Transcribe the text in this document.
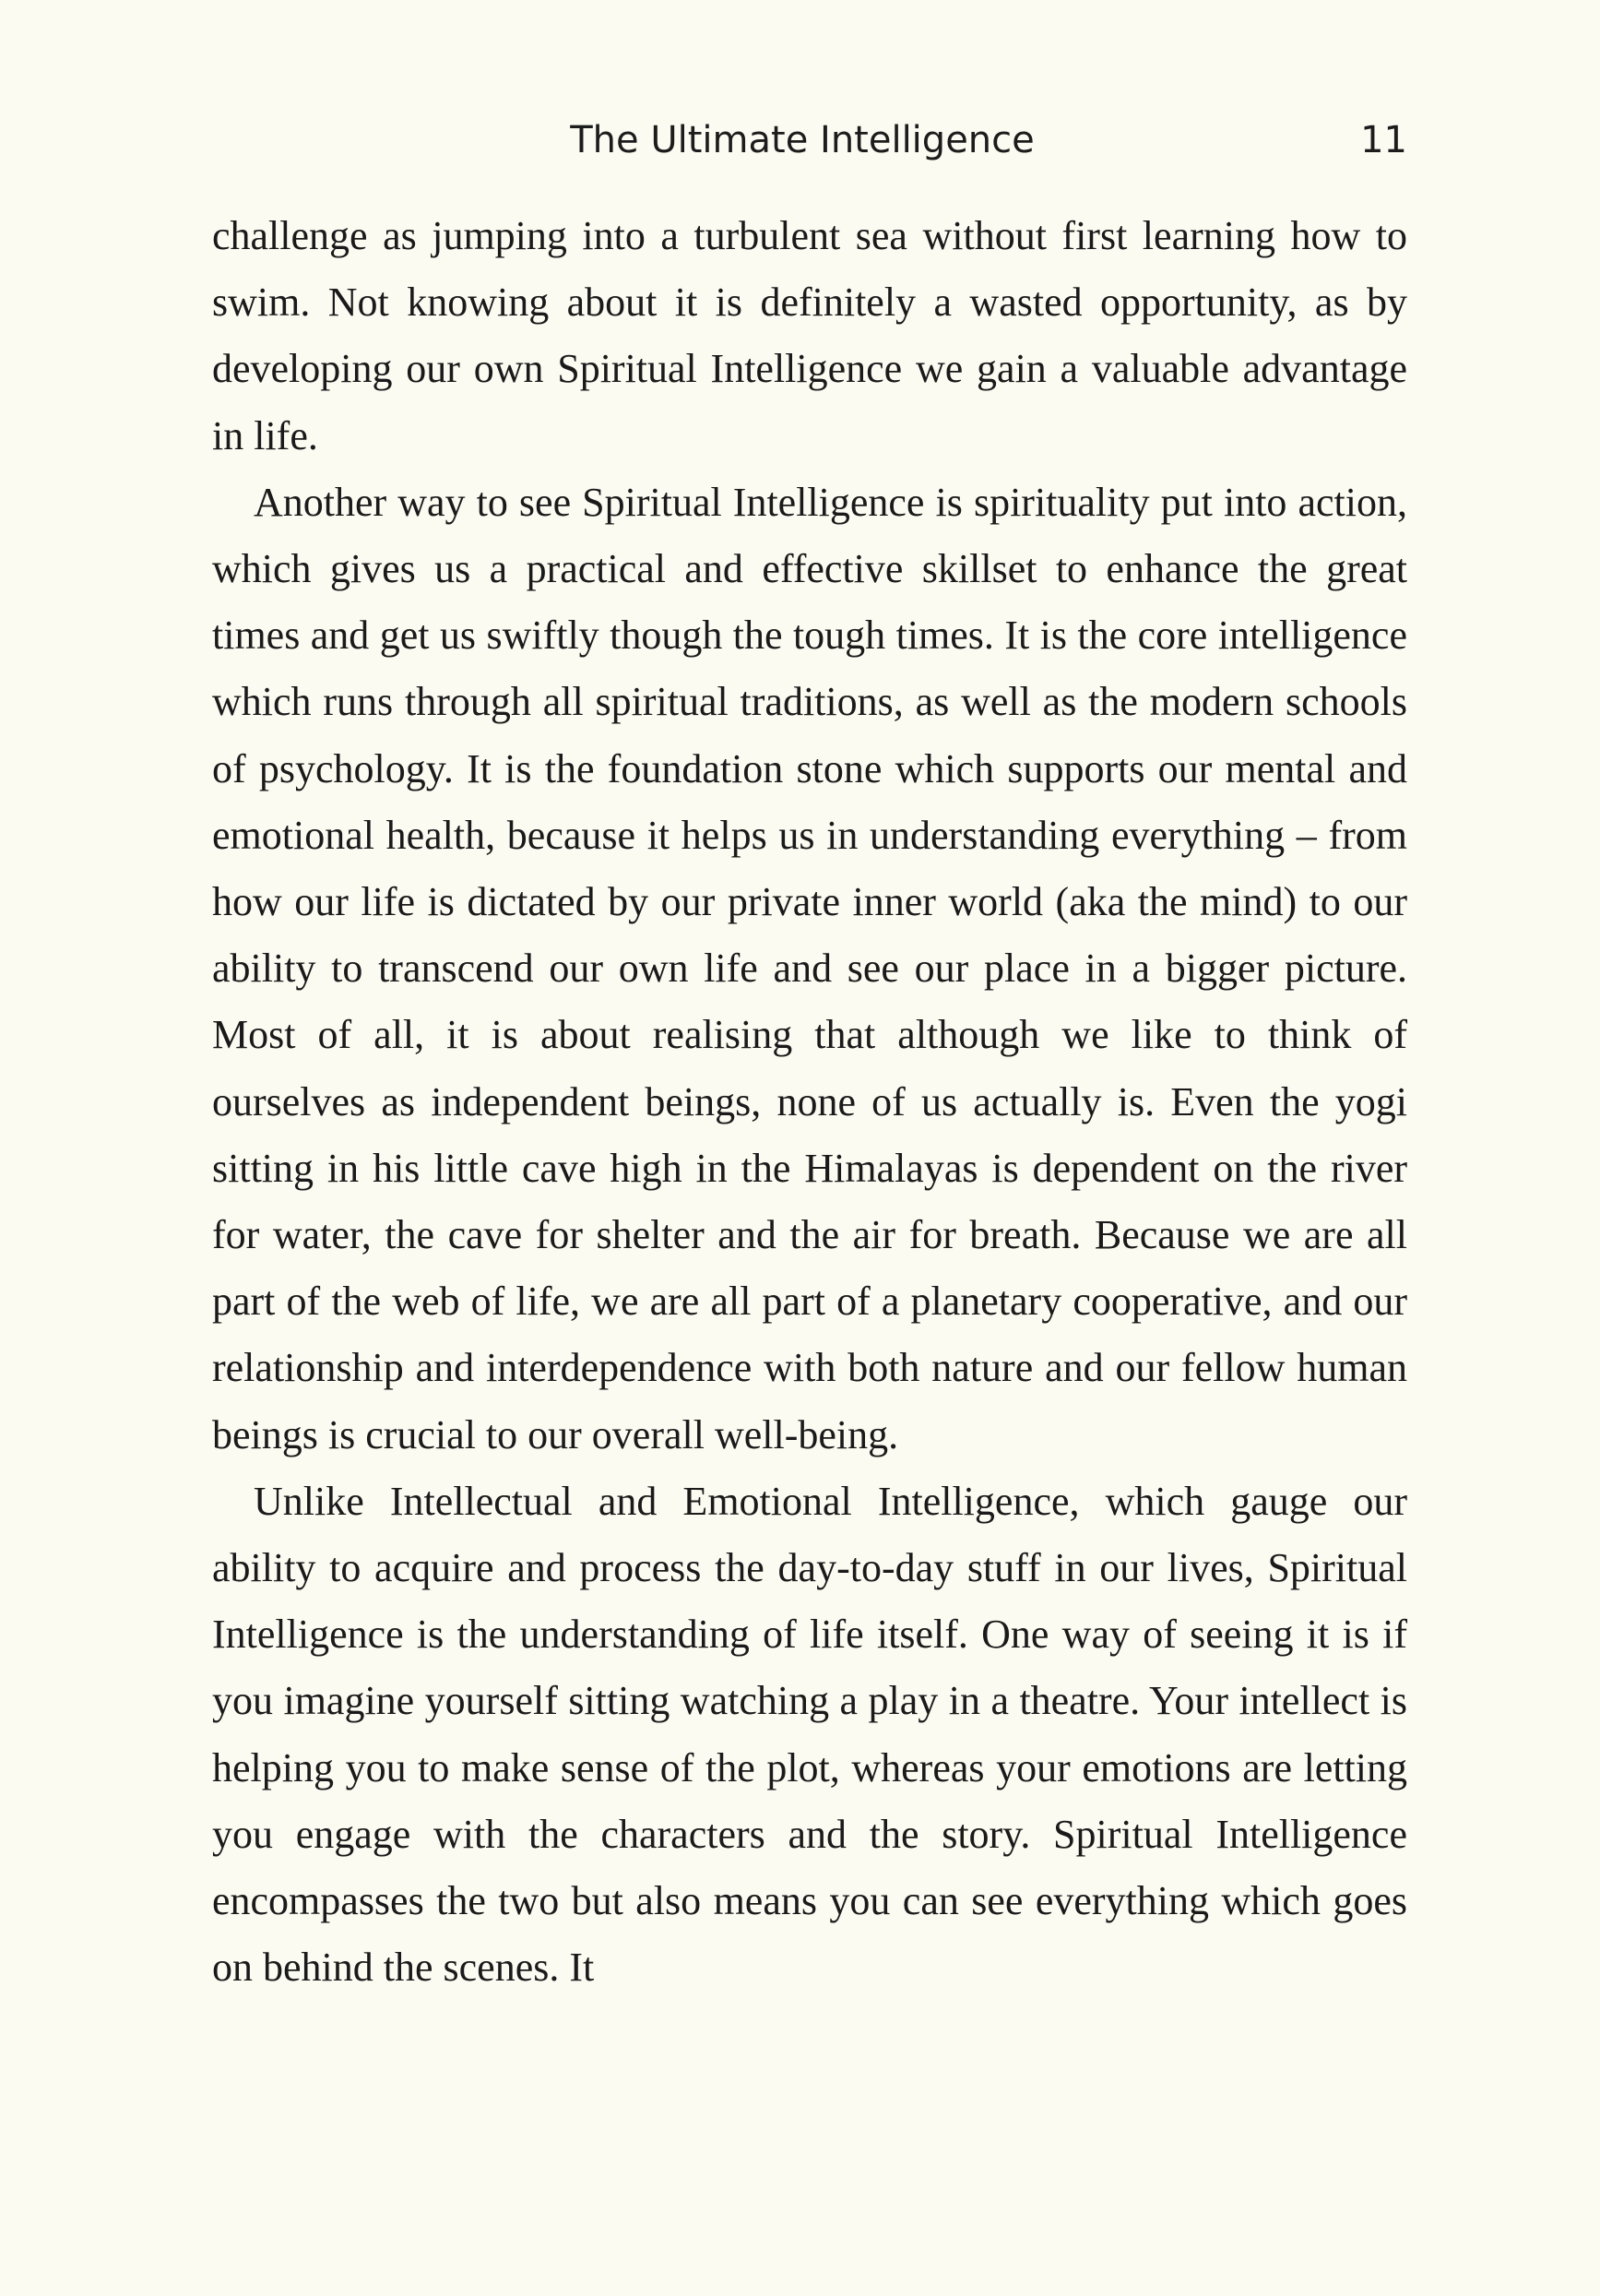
The Ultimate Intelligence	11

challenge as jumping into a turbulent sea without first learning how to swim. Not knowing about it is definitely a wasted opportunity, as by developing our own Spiritual Intelligence we gain a valuable advantage in life.

Another way to see Spiritual Intelligence is spirituality put into action, which gives us a practical and effective skillset to enhance the great times and get us swiftly though the tough times. It is the core intelligence which runs through all spiritual traditions, as well as the modern schools of psychology. It is the foundation stone which supports our mental and emotional health, because it helps us in understanding everything – from how our life is dictated by our private inner world (aka the mind) to our ability to transcend our own life and see our place in a bigger picture. Most of all, it is about realising that although we like to think of ourselves as independent beings, none of us actually is. Even the yogi sitting in his little cave high in the Himalayas is dependent on the river for water, the cave for shelter and the air for breath. Because we are all part of the web of life, we are all part of a planetary cooperative, and our relationship and interdependence with both nature and our fellow human beings is crucial to our overall well-being.

Unlike Intellectual and Emotional Intelligence, which gauge our ability to acquire and process the day-to-day stuff in our lives, Spiritual Intelligence is the understanding of life itself. One way of seeing it is if you imagine yourself sitting watching a play in a theatre. Your intellect is helping you to make sense of the plot, whereas your emotions are letting you engage with the characters and the story. Spiritual Intelligence encompasses the two but also means you can see everything which goes on behind the scenes. It
